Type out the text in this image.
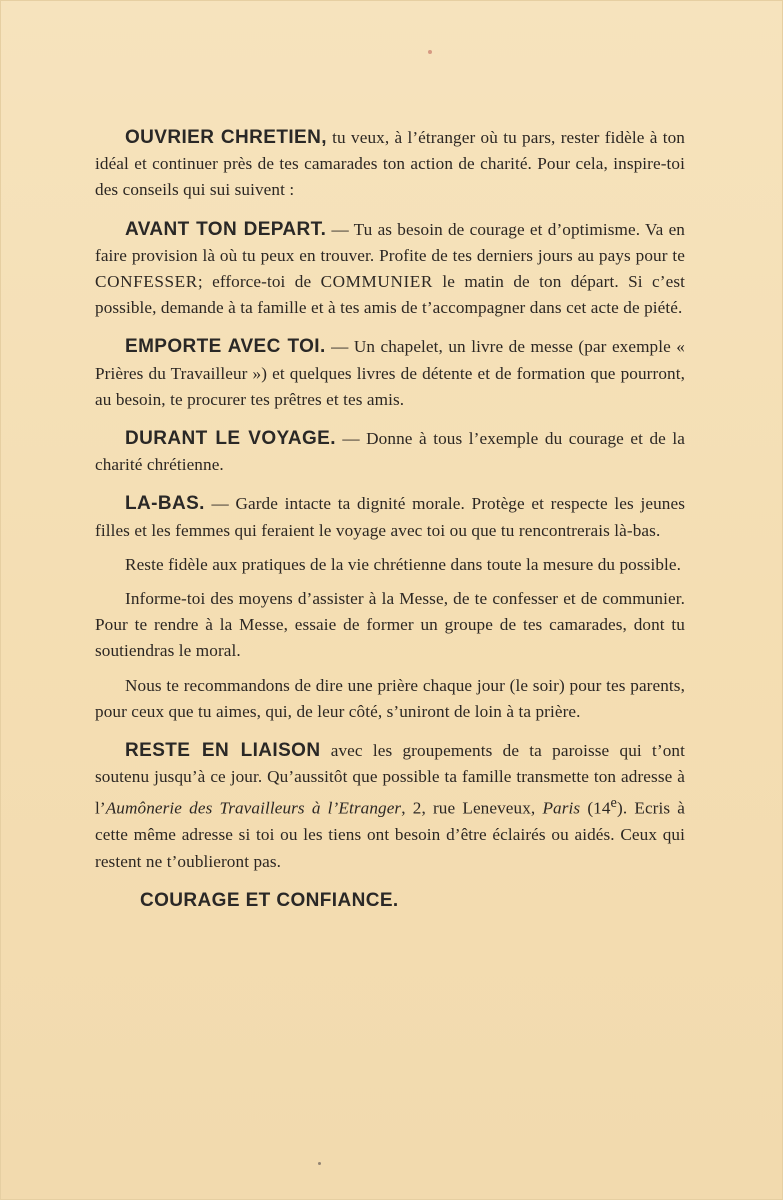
OUVRIER CHRETIEN, tu veux, à l’étranger où tu pars, rester fidèle à ton idéal et continuer près de tes camarades ton action de charité. Pour cela, inspire-toi des conseils qui sui suivent :

AVANT TON DEPART. — Tu as besoin de courage et d’optimisme. Va en faire provision là où tu peux en trouver. Profite de tes derniers jours au pays pour te CONFESSER; efforce-toi de COMMUNIER le matin de ton départ. Si c’est possible, demande à ta famille et à tes amis de t’accompagner dans cet acte de piété.

EMPORTE AVEC TOI. — Un chapelet, un livre de messe (par exemple « Prières du Travailleur ») et quelques livres de détente et de formation que pourront, au besoin, te procurer tes prêtres et tes amis.

DURANT LE VOYAGE. — Donne à tous l’exemple du courage et de la charité chrétienne.

LA-BAS. — Garde intacte ta dignité morale. Protège et respecte les jeunes filles et les femmes qui feraient le voyage avec toi ou que tu rencontrerais là-bas.

Reste fidèle aux pratiques de la vie chrétienne dans toute la mesure du possible.

Informe-toi des moyens d’assister à la Messe, de te confesser et de communier. Pour te rendre à la Messe, essaie de former un groupe de tes camarades, dont tu soutiendras le moral.

Nous te recommandons de dire une prière chaque jour (le soir) pour tes parents, pour ceux que tu aimes, qui, de leur côté, s’uniront de loin à ta prière.

RESTE EN LIAISON avec les groupements de ta paroisse qui t’ont soutenu jusqu’à ce jour. Qu’aussitôt que possible ta famille transmette ton adresse à l’Aumônerie des Travailleurs à l’Etranger, 2, rue Leneveux, Paris (14e). Ecris à cette même adresse si toi ou les tiens ont besoin d’être éclairés ou aidés. Ceux qui restent ne t’oublieront pas.

COURAGE ET CONFIANCE.
